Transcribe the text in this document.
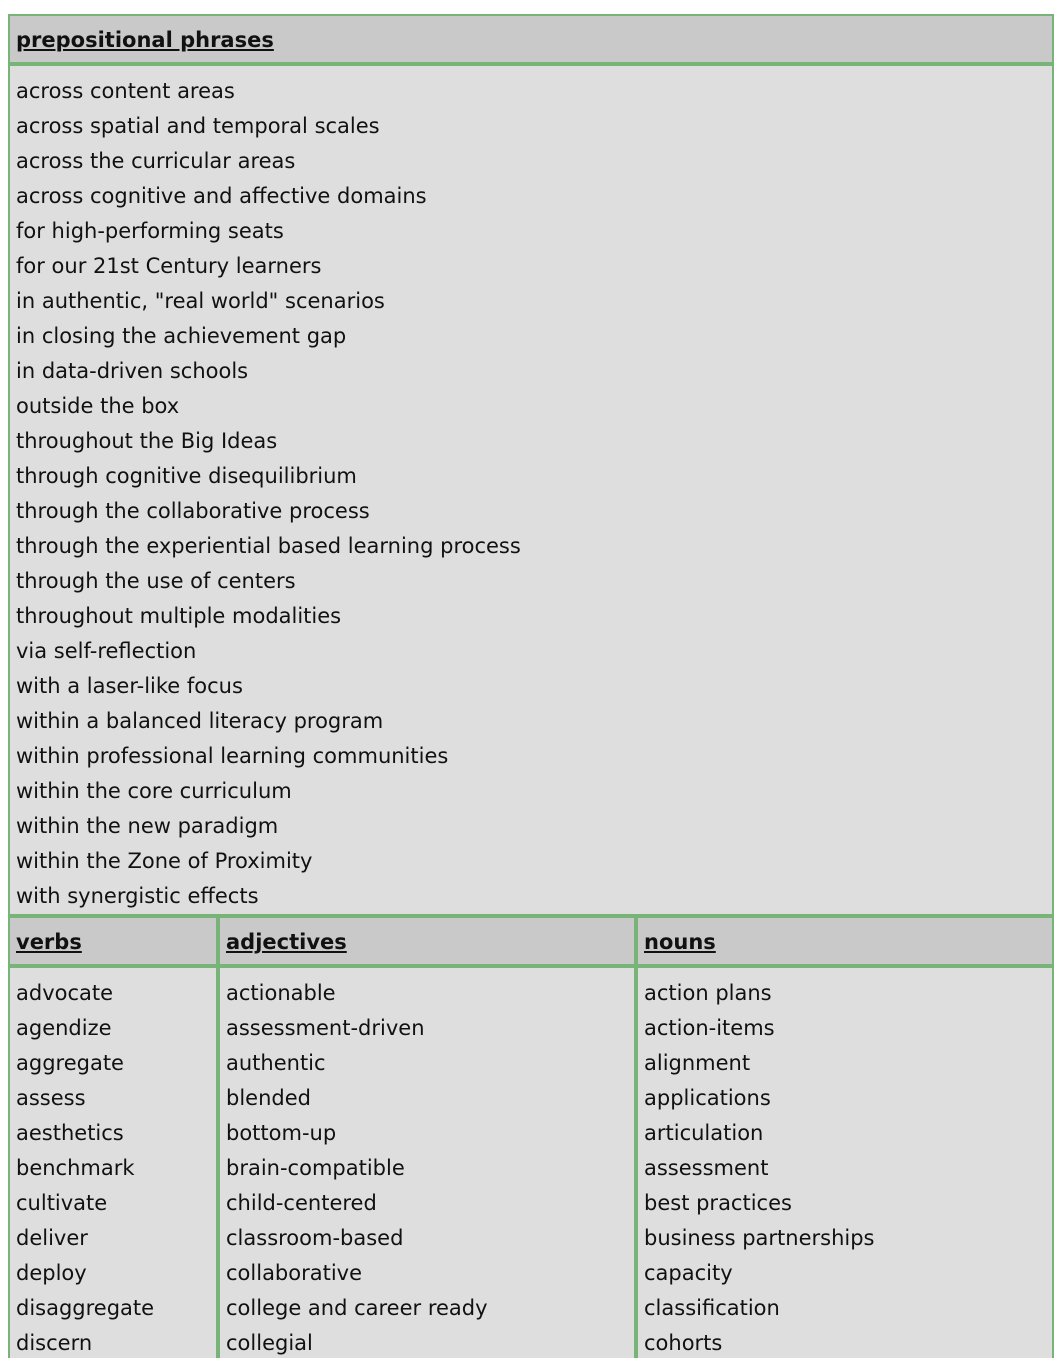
prepositional phrases
across content areas
across spatial and temporal scales
across the curricular areas
across cognitive and affective domains
for high-performing seats
for our 21st Century learners
in authentic, "real world" scenarios
in closing the achievement gap
in data-driven schools
outside the box
throughout the Big Ideas
through cognitive disequilibrium
through the collaborative process
through the experiential based learning process
through the use of centers
throughout multiple modalities
via self-reflection
with a laser-like focus
within a balanced literacy program
within professional learning communities
within the core curriculum
within the new paradigm
within the Zone of Proximity
with synergistic effects
verbs	adjectives	nouns
advocate
agendize
aggregate
assess
aesthetics
benchmark
cultivate
deliver
deploy
disaggregate
discern
actionable
assessment-driven
authentic
blended
bottom-up
brain-compatible
child-centered
classroom-based
collaborative
college and career ready
collegial
action plans
action-items
alignment
applications
articulation
assessment
best practices
business partnerships
capacity
classification
cohorts
